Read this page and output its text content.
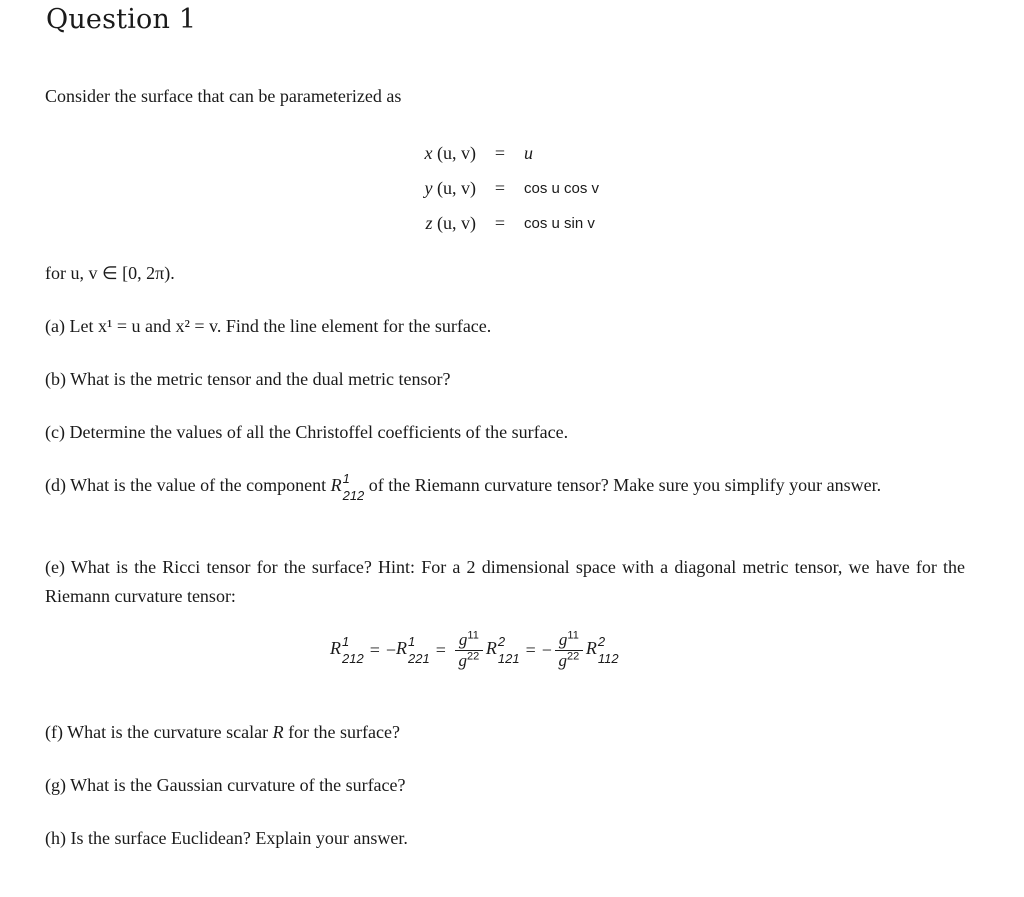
Question 1
Consider the surface that can be parameterized as
x (u, v)	=	u
y (u, v)	=	cos u cos v
z (u, v)	=	cos u sin v
for u, v ∈ [0, 2π).
(a) Let x¹ = u and x² = v. Find the line element for the surface.
(b) What is the metric tensor and the dual metric tensor?
(c) Determine the values of all the Christoffel coefficients of the surface.
(d) What is the value of the component R 1
212
of the Riemann curvature tensor? Make sure you simplify your answer.
(e) What is the Ricci tensor for the surface? Hint: For a 2 dimensional space with a diagonal metric tensor, we have for the Riemann curvature tensor:
R 1
212 = − R 1
$221 = \frac{g^{11}}{g^{22}}$ R 2
121 = − $\frac{g^{11}}{g^{22}}$ R 2
112
(f) What is the curvature scalar R for the surface?
(g) What is the Gaussian curvature of the surface?
(h) Is the surface Euclidean? Explain your answer.
